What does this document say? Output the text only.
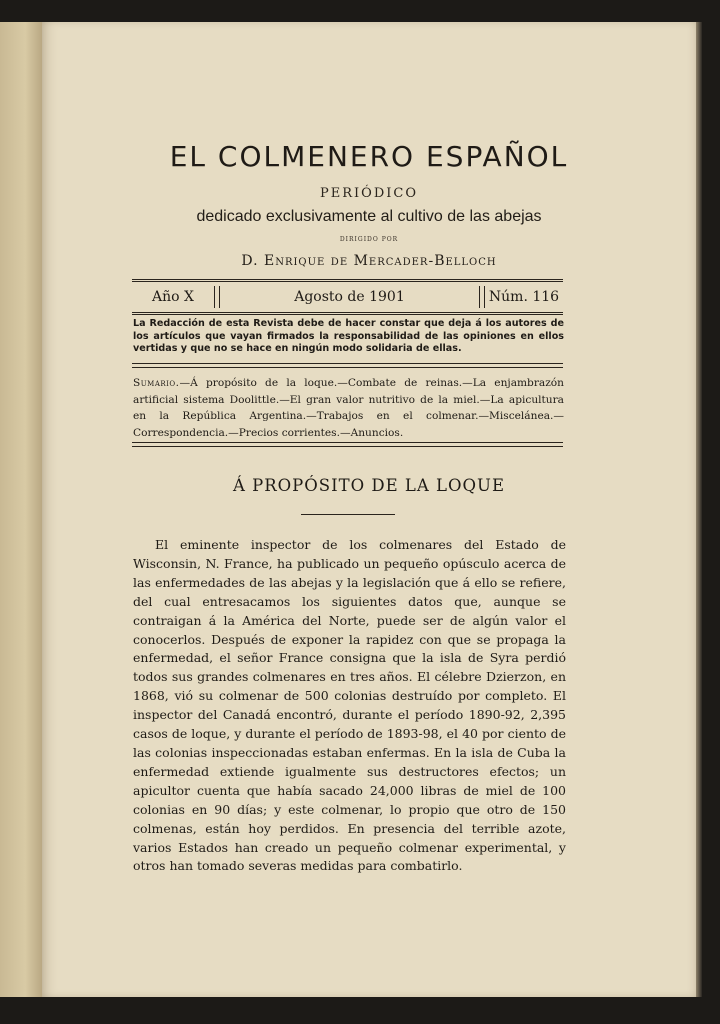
EL COLMENERO ESPAÑOL
PERIÓDICO
dedicado exclusivamente al cultivo de las abejas
DIRIGIDO POR
D. Enrique de Mercader-Belloch
Año X	Agosto de 1901	Núm. 116
La Redacción de esta Revista debe de hacer constar que deja á los autores de los artículos que vayan firmados la responsabilidad de las opiniones en ellos vertidas y que no se hace en ningún modo solidaria de ellas.
Sumario.—Á propósito de la loque.—Combate de reinas.—La enjambrazón artificial sistema Doolittle.—El gran valor nutritivo de la miel.—La apicultura en la República Argentina.—Trabajos en el colmenar.—Miscelánea.—Correspondencia.—Precios corrientes.—Anuncios.
Á PROPÓSITO DE LA LOQUE

El eminente inspector de los colmenares del Estado de Wisconsin, N. France, ha publicado un pequeño opúsculo acerca de las enfermedades de las abejas y la legislación que á ello se refiere, del cual entresacamos los siguientes datos que, aunque se contraigan á la América del Norte, puede ser de algún valor el conocerlos. Después de exponer la rapidez con que se propaga la enfermedad, el señor France consigna que la isla de Syra perdió todos sus grandes colmenares en tres años. El célebre Dzierzon, en 1868, vió su colmenar de 500 colonias destruído por completo. El inspector del Canadá encontró, durante el período 1890-92, 2,395 casos de loque, y durante el período de 1893-98, el 40 por ciento de las colonias inspeccionadas estaban enfermas. En la isla de Cuba la enfermedad extiende igualmente sus destructores efectos; un apicultor cuenta que había sacado 24,000 libras de miel de 100 colonias en 90 días; y este colmenar, lo propio que otro de 150 colmenas, están hoy perdidos. En presencia del terrible azote, varios Estados han creado un pequeño colmenar experimental, y otros han tomado severas medidas para combatirlo.
